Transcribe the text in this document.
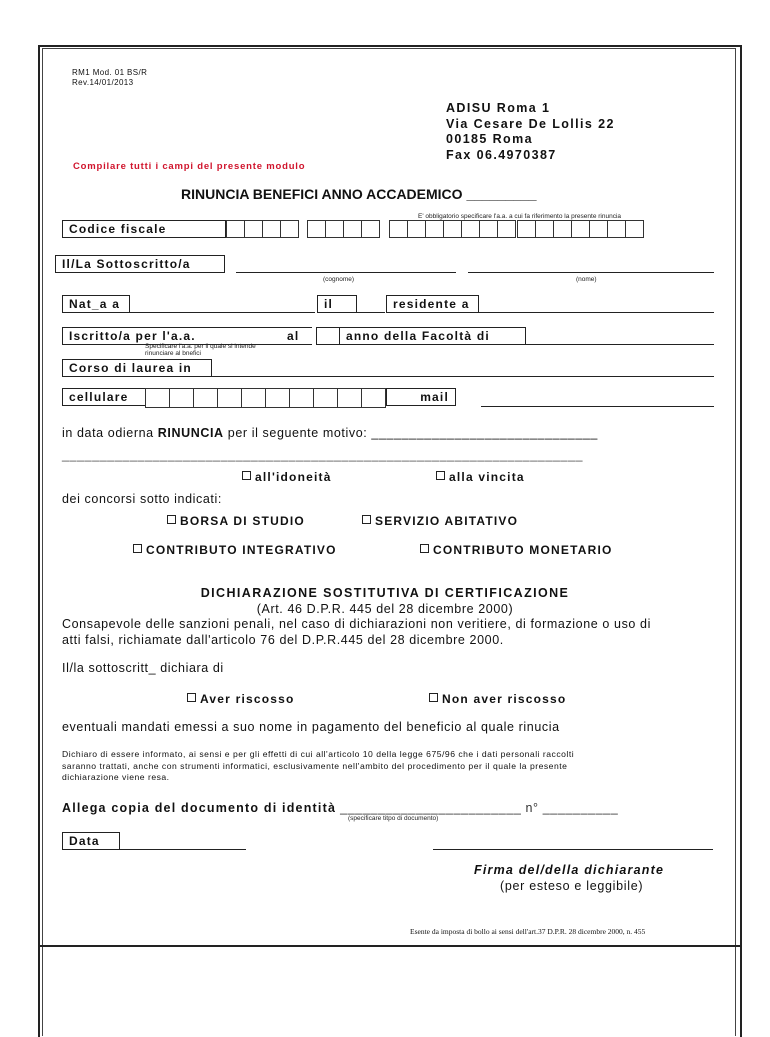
RM1 Mod. 01 BS/R
Rev.14/01/2013
ADISU Roma 1
Via Cesare De Lollis 22
00185 Roma
Fax 06.4970387
Compilare tutti i campi del presente modulo
RINUNCIA BENEFICI ANNO ACCADEMICO _________
E' obbligatorio specificare l'a.a. a cui fa riferimento la presente rinuncia
Codice fiscale
Il/La Sottoscritto/a
(cognome)	(nome)
Nat_a a	il	residente a
Iscritto/a per l'a.a.	al
Specificare l'a.a. per il quale si intende
rinunciare al bnefici
anno della Facoltà di
Corso di laurea in
cellulare	mail
in data odierna RINUNCIA per il seguente motivo: ______________________________
_____________________________________________________________________
all'idoneità	alla vincita
dei concorsi sotto indicati:
BORSA DI STUDIO	SERVIZIO ABITATIVO
CONTRIBUTO INTEGRATIVO	CONTRIBUTO MONETARIO
DICHIARAZIONE SOSTITUTIVA DI CERTIFICAZIONE
(Art. 46 D.P.R. 445 del 28 dicembre 2000)
Consapevole delle sanzioni penali, nel caso di dichiarazioni non veritiere, di formazione o uso di
atti falsi, richiamate dall'articolo 76 del D.P.R.445 del 28 dicembre 2000.
Il/la sottoscritt_ dichiara di
Aver riscosso	Non aver riscosso
eventuali mandati emessi a suo nome in pagamento del beneficio al quale rinucia
Dichiaro di essere informato, ai sensi e per gli effetti di cui all'articolo 10 della legge 675/96 che i dati personali raccolti
saranno trattati, anche con strumenti informatici, esclusivamente nell'ambito del procedimento per il quale la presente
dichiarazione viene resa.
Allega copia del documento di identità ________________________ n° __________
(specificare titpo di documento)
Data
Firma del/della dichiarante
(per esteso e leggibile)
Esente da imposta di bollo ai sensi dell'art.37 D.P.R. 28 dicembre 2000, n. 455
